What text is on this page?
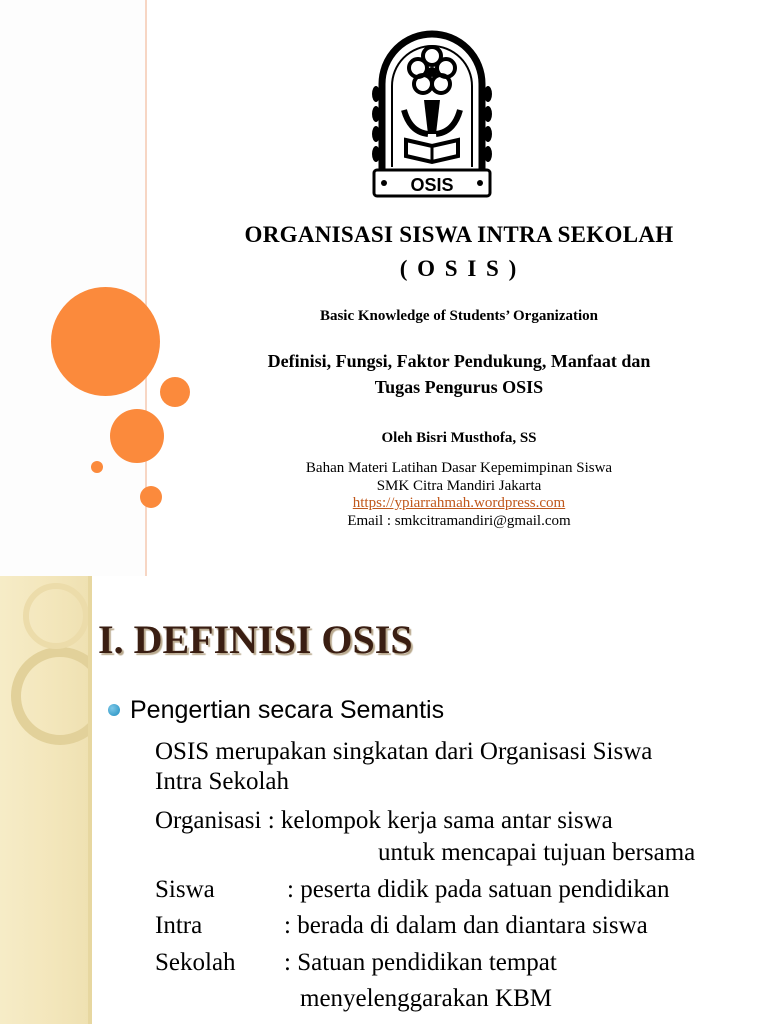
OSIS
ORGANISASI SISWA INTRA SEKOLAH
( O S I S )
Basic Knowledge of Students’ Organization
Definisi, Fungsi, Faktor Pendukung, Manfaat dan
Tugas Pengurus OSIS
Oleh Bisri Musthofa, SS
Bahan Materi Latihan Dasar Kepemimpinan Siswa
SMK Citra Mandiri Jakarta
https://ypiarrahmah.wordpress.com
Email : smkcitramandiri@gmail.com
I. DEFINISI OSIS
Pengertian secara Semantis
OSIS merupakan singkatan dari Organisasi Siswa
Intra Sekolah
Organisasi : kelompok kerja sama antar siswa
untuk mencapai tujuan bersama
Siswa	: peserta didik pada satuan pendidikan
Intra	: berada di dalam dan diantara siswa
Sekolah : Satuan pendidikan tempat
menyelenggarakan KBM
